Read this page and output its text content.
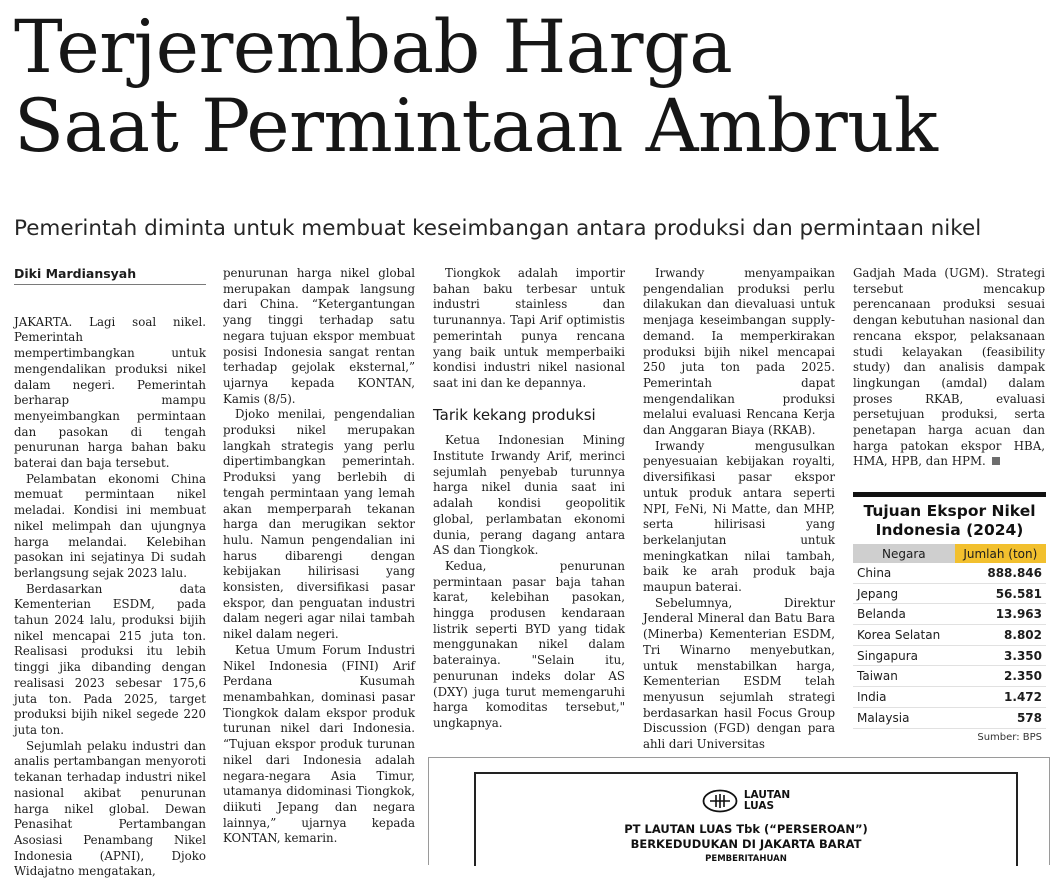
Terjerembab Harga
Saat Permintaan Ambruk

Pemerintah diminta untuk membuat keseimbangan antara produksi dan permintaan nikel

Diki Mardiansyah

JAKARTA. Lagi soal nikel. Pemerintah mempertimbangkan untuk mengendalikan produksi nikel dalam negeri. Pemerintah berharap mampu menyeimbangkan permintaan dan pasokan di tengah penurunan harga bahan baku baterai dan baja tersebut.

Pelambatan ekonomi China memuat permintaan nikel meladai. Kondisi ini membuat nikel melimpah dan ujungnya harga melandai. Kelebihan pasokan ini sejatinya Di sudah berlangsung sejak 2023 lalu.

Berdasarkan data Kementerian ESDM, pada tahun 2024 lalu, produksi bijih nikel mencapai 215 juta ton. Realisasi produksi itu lebih tinggi jika dibanding dengan realisasi 2023 sebesar 175,6 juta ton. Pada 2025, target produksi bijih nikel segede 220 juta ton.

Sejumlah pelaku industri dan analis pertambangan menyoroti tekanan terhadap industri nikel nasional akibat penurunan harga nikel global. Dewan Penasihat Pertambangan Asosiasi Penambang Nikel Indonesia (APNI), Djoko Widajatno mengatakan,

penurunan harga nikel global merupakan dampak langsung dari China. “Ketergantungan yang tinggi terhadap satu negara tujuan ekspor membuat posisi Indonesia sangat rentan terhadap gejolak eksternal,” ujarnya kepada KONTAN, Kamis (8/5).

Djoko menilai, pengendalian produksi nikel merupakan langkah strategis yang perlu dipertimbangkan pemerintah. Produksi yang berlebih di tengah permintaan yang lemah akan memperparah tekanan harga dan merugikan sektor hulu. Namun pengendalian ini harus dibarengi dengan kebijakan hilirisasi yang konsisten, diversifikasi pasar ekspor, dan penguatan industri dalam negeri agar nilai tambah nikel dalam negeri.

Ketua Umum Forum Industri Nikel Indonesia (FINI) Arif Perdana Kusumah menambahkan, dominasi pasar Tiongkok dalam ekspor produk turunan nikel dari Indonesia. “Tujuan ekspor produk turunan nikel dari Indonesia adalah negara-negara Asia Timur, utamanya didominasi Tiongkok, diikuti Jepang dan negara lainnya,” ujarnya kepada KONTAN, kemarin.

Tiongkok adalah importir bahan baku terbesar untuk industri stainless dan turunannya. Tapi Arif optimistis pemerintah punya rencana yang baik untuk memperbaiki kondisi industri nikel nasional saat ini dan ke depannya.

Tarik kekang produksi

Ketua Indonesian Mining Institute Irwandy Arif, merinci sejumlah penyebab turunnya harga nikel dunia saat ini adalah kondisi geopolitik global, perlambatan ekonomi dunia, perang dagang antara AS dan Tiongkok.

Kedua, penurunan permintaan pasar baja tahan karat, kelebihan pasokan, hingga produsen kendaraan listrik seperti BYD yang tidak menggunakan nikel dalam baterainya. "Selain itu, penurunan indeks dolar AS (DXY) juga turut memengaruhi harga komoditas tersebut," ungkapnya.

Irwandy menyampaikan pengendalian produksi perlu dilakukan dan dievaluasi untuk menjaga keseimbangan supply-demand. Ia memperkirakan produksi bijih nikel mencapai 250 juta ton pada 2025. Pemerintah dapat mengendalikan produksi melalui evaluasi Rencana Kerja dan Anggaran Biaya (RKAB).

Irwandy mengusulkan penyesuaian kebijakan royalti, diversifikasi pasar ekspor untuk produk antara seperti NPI, FeNi, Ni Matte, dan MHP, serta hilirisasi yang berkelanjutan untuk meningkatkan nilai tambah, baik ke arah produk baja maupun baterai.

Sebelumnya, Direktur Jenderal Mineral dan Batu Bara (Minerba) Kementerian ESDM, Tri Winarno menyebutkan, untuk menstabilkan harga, Kementerian ESDM telah menyusun sejumlah strategi berdasarkan hasil Focus Group Discussion (FGD) dengan para ahli dari Universitas

Gadjah Mada (UGM). Strategi tersebut mencakup perencanaan produksi sesuai dengan kebutuhan nasional dan rencana ekspor, pelaksanaan studi kelayakan (feasibility study) dan analisis dampak lingkungan (amdal) dalam proses RKAB, evaluasi persetujuan produksi, serta penetapan harga acuan dan harga patokan ekspor HBA, HMA, HPB, dan HPM.

Tujuan Ekspor Nikel Indonesia (2024)
Negara	Jumlah (ton)
China	888.846
Jepang	56.581
Belanda	13.963
Korea Selatan	8.802
Singapura	3.350
Taiwan	2.350
India	1.472
Malaysia	578
Sumber: BPS
LAUTAN
LUAS
PT LAUTAN LUAS Tbk (“PERSEROAN”)
BERKEDUDUKAN DI JAKARTA BARAT
PEMBERITAHUAN
